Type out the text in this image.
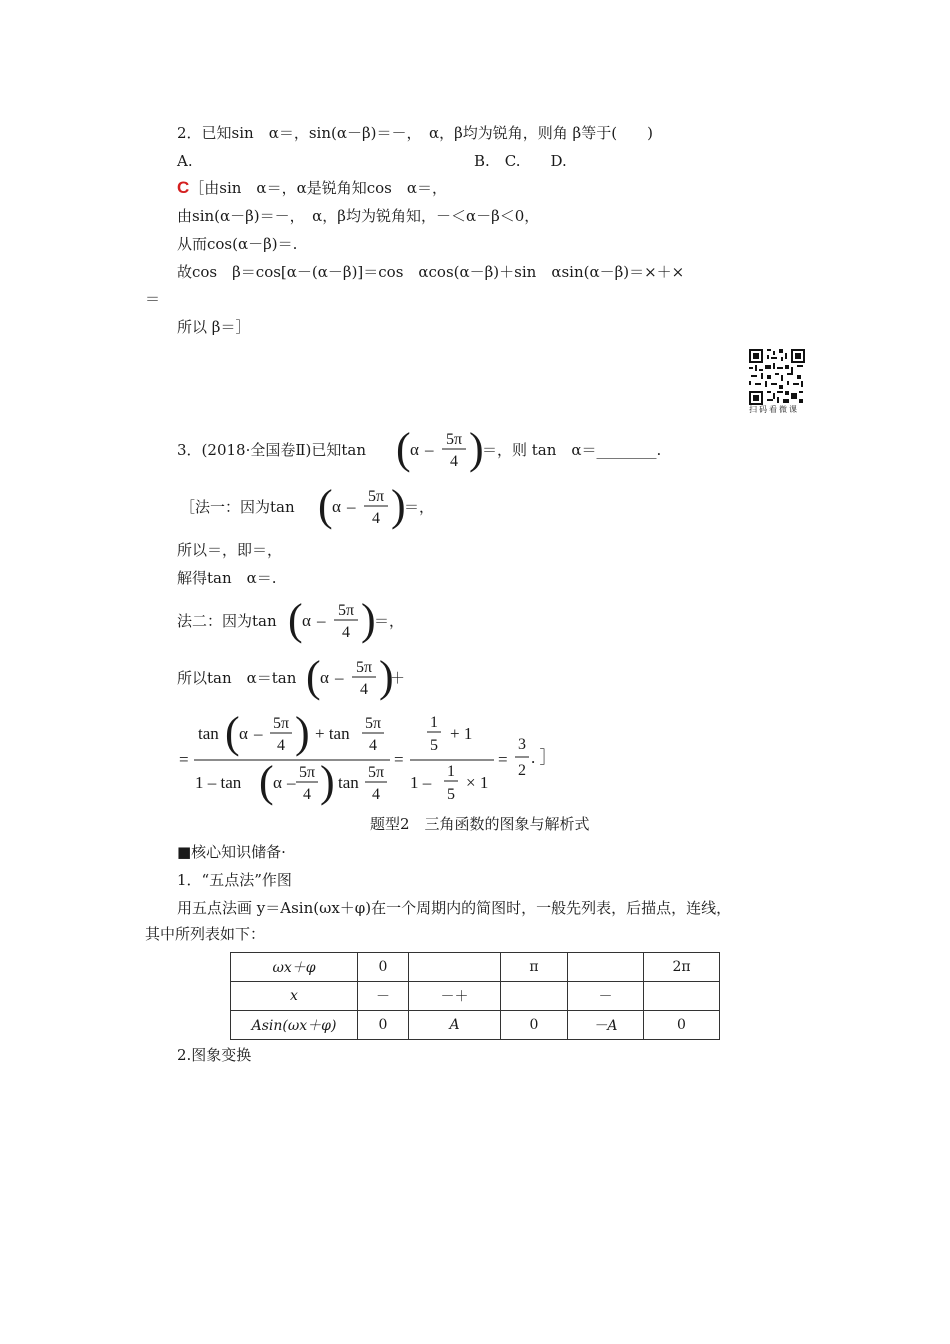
2．已知sin　α＝，sin(α－β)＝－，　α，β均为锐角，则角 β等于(　　)
A.	B.　C.　　D.
C［由sin　α＝，α是锐角知cos　α＝，
由sin(α－β)＝－，　α，β均为锐角知，－＜α－β＜0，
从而cos(α－β)＝.
故cos　β＝cos[α－(α－β)]＝cos　αcos(α－β)＋sin　αsin(α－β)＝×＋×
＝
所以 β＝］
扫码看微课
3．(2018·全国卷Ⅱ)已知tan ( α –
5π
4 )
＝，则 tan　α＝________.
［法一：因为tan ( α –
5π
4 )
＝，
所以＝，即＝，
解得tan　α＝.
法二：因为tan ( α –
5π
4 )
＝，
所以tan　α＝tan ( α –
5π
4 )
＋
=
tan ( α –
5π
4 ) + tan
5π
4
1 – tan ( α –
5π
4 ) tan
5π
4
=
1
5
+ 1
1 –
1
5
× 1
=
3
2
. ］
题型2　三角函数的图象与解析式
■核心知识储备·
1．“五点法”作图
用五点法画 y＝Asin(ωx＋φ)在一个周期内的简图时，一般先列表，后描点，连线，
其中所列表如下：
ωx＋φ	0		π		2π
x	－	－＋		－	
Asin(ωx＋φ)	0	A	0	－A	0
2.图象变换
